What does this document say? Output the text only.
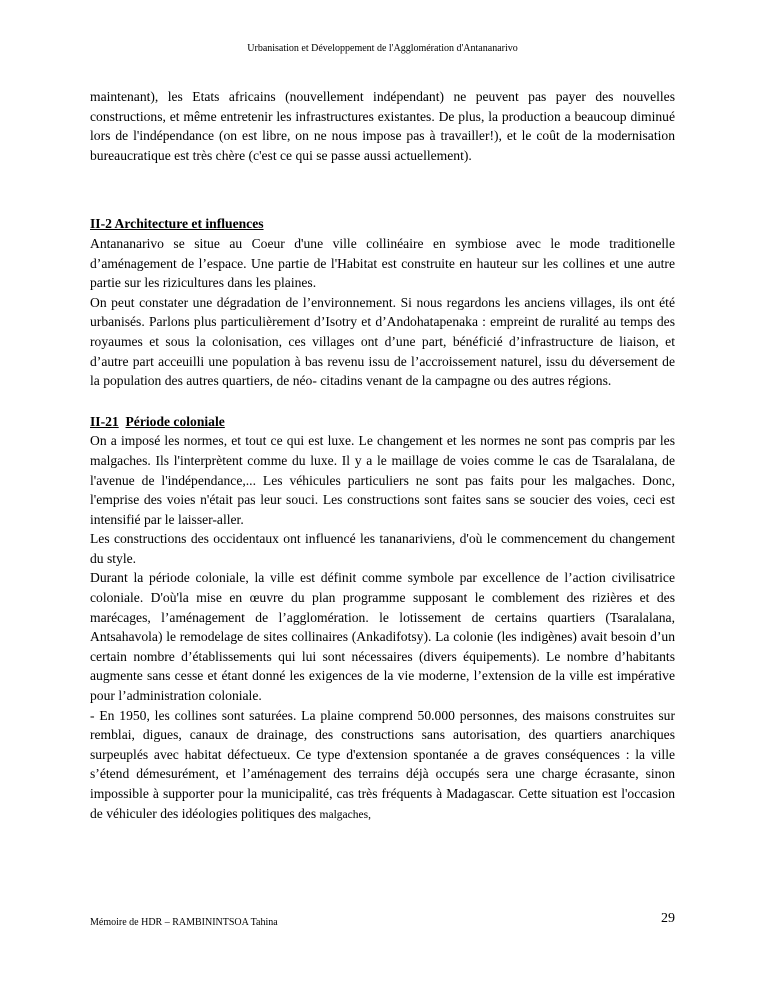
Urbanisation et Développement de l'Agglomération d'Antananarivo

maintenant), les Etats africains (nouvellement indépendant) ne peuvent pas payer des nouvelles constructions, et même entretenir les infrastructures existantes. De plus, la production a beaucoup diminué lors de l'indépendance (on est libre, on ne nous impose pas à travailler!), et le coût de la modernisation bureaucratique est très chère (c'est ce qui se passe aussi actuellement).

II-2 Architecture et influences

Antananarivo se situe au Coeur d'une ville collinéaire en symbiose avec le mode traditionelle d’aménagement de l’espace. Une partie de l'Habitat est construite en hauteur sur les collines et une autre partie sur les rizicultures dans les plaines.

On peut constater une dégradation de l’environnement. Si nous regardons les anciens villages, ils ont été urbanisés. Parlons plus particulièrement d’Isotry et d’Andohatapenaka : empreint de ruralité au temps des royaumes et sous la colonisation, ces villages ont d’une part, bénéficié d’infrastructure de liaison, et d’autre part acceuilli une population à bas revenu issu de l’accroissement naturel, issu du déversement de la population des autres quartiers, de néo- citadins venant de la campagne ou des autres régions.

II-21 Période coloniale

On a imposé les normes, et tout ce qui est luxe. Le changement et les normes ne sont pas compris par les malgaches. Ils l'interprètent comme du luxe. Il y a le maillage de voies comme le cas de Tsaralalana, de l'avenue de l'indépendance,... Les véhicules particuliers ne sont pas faits pour les malgaches. Donc, l'emprise des voies n'était pas leur souci. Les constructions sont faites sans se soucier des voies, ceci est intensifié par le laisser-aller.

Les constructions des occidentaux ont influencé les tananariviens, d'où le commencement du changement du style.

Durant la période coloniale, la ville est définit comme symbole par excellence de l’action civilisatrice coloniale. D'où'la mise en œuvre du plan programme supposant le comblement des rizières et des marécages, l’aménagement de l’agglomération. le lotissement de certains quartiers (Tsaralalana, Antsahavola) le remodelage de sites collinaires (Ankadifotsy). La colonie (les indigènes) avait besoin d’un certain nombre d’établissements qui lui sont nécessaires (divers équipements). Le nombre d’habitants augmente sans cesse et étant donné les exigences de la vie moderne, l’extension de la ville est impérative pour l’administration coloniale.

- En 1950, les collines sont saturées. La plaine comprend 50.000 personnes, des maisons construites sur remblai, digues, canaux de drainage, des constructions sans autorisation, des quartiers anarchiques surpeuplés avec habitat défectueux. Ce type d'extension spontanée a de graves conséquences : la ville s’étend démesurément, et l’aménagement des terrains déjà occupés sera une charge écrasante, sinon impossible à supporter pour la municipalité, cas très fréquents à Madagascar. Cette situation est l'occasion de véhiculer des idéologies politiques des malgaches,

Mémoire de HDR – RAMBININTSOA Tahina	29
